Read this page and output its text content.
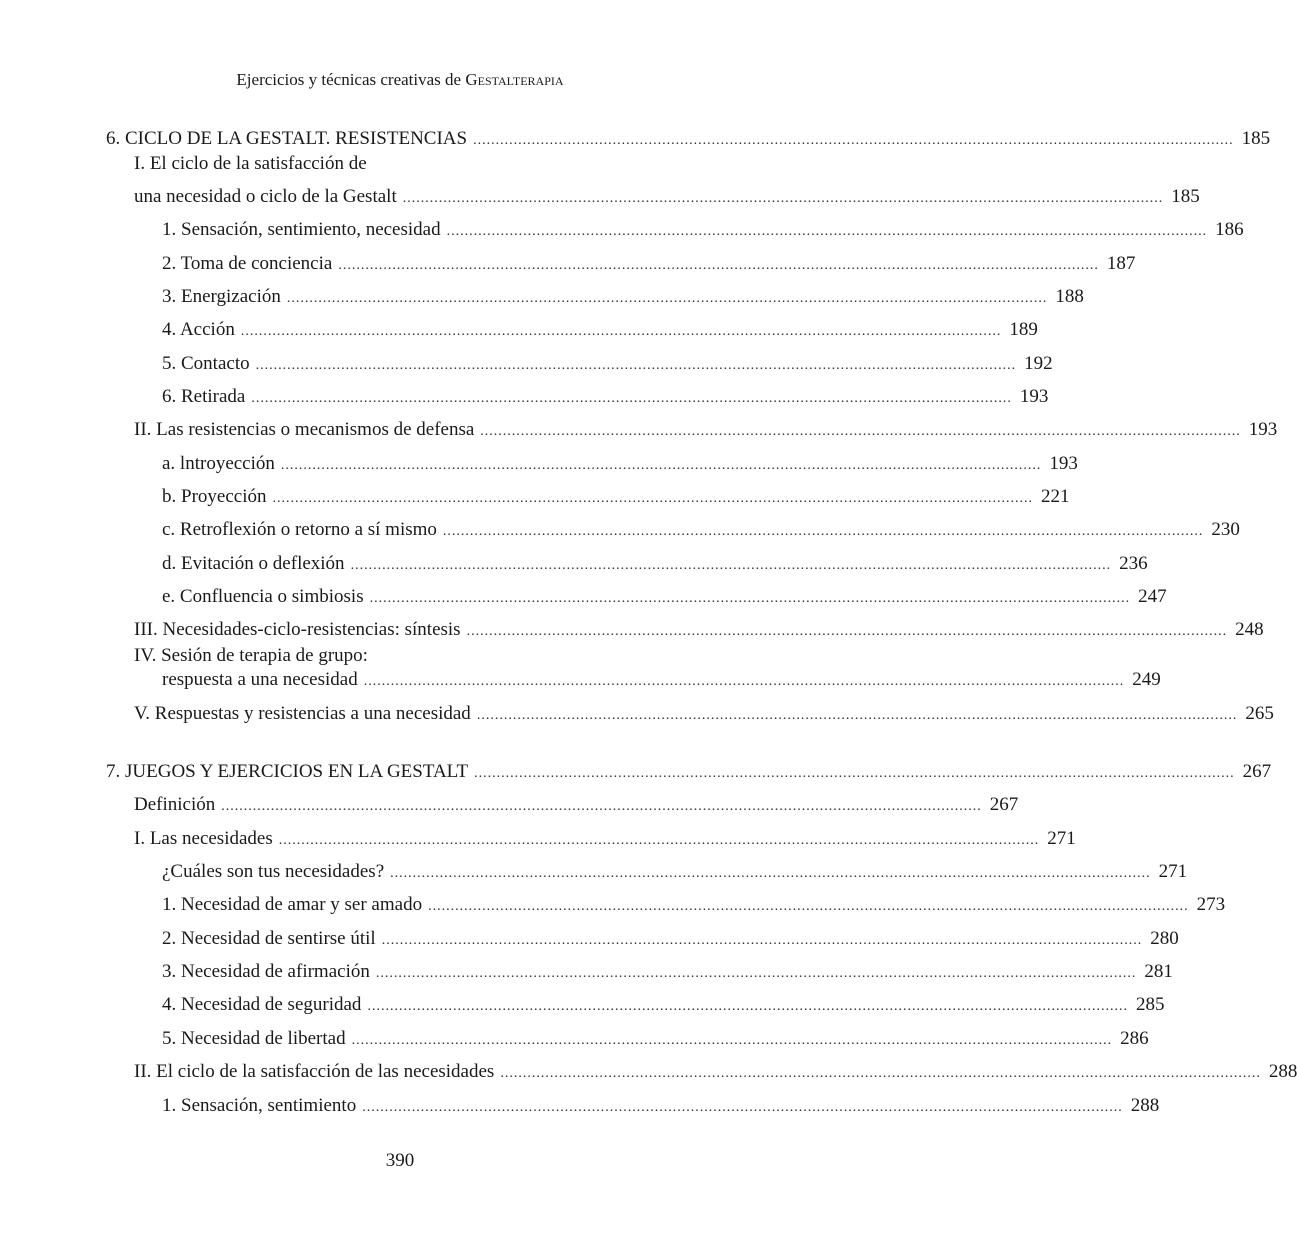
Ejercicios y técnicas creativas de Gestalterapia
6. CICLO DE LA GESTALT. RESISTENCIAS ......................................................................................................................................................................... 185
I. El ciclo de la satisfacción de
una necesidad o ciclo de la Gestalt ......................................................................................................................................................................... 185
1. Sensación, sentimiento, necesidad ......................................................................................................................................................................... 186
2. Toma de conciencia ......................................................................................................................................................................... 187
3. Energización ......................................................................................................................................................................... 188
4. Acción ......................................................................................................................................................................... 189
5. Contacto ......................................................................................................................................................................... 192
6. Retirada ......................................................................................................................................................................... 193
II. Las resistencias o mecanismos de defensa ......................................................................................................................................................................... 193
a. lntroyección ......................................................................................................................................................................... 193
b. Proyección ......................................................................................................................................................................... 221
c. Retroflexión o retorno a sí mismo ......................................................................................................................................................................... 230
d. Evitación o deflexión ......................................................................................................................................................................... 236
e. Confluencia o simbiosis ......................................................................................................................................................................... 247
III. Necesidades-ciclo-resistencias: síntesis ......................................................................................................................................................................... 248
IV. Sesión de terapia de grupo:
respuesta a una necesidad ......................................................................................................................................................................... 249
V. Respuestas y resistencias a una necesidad ......................................................................................................................................................................... 265
7. JUEGOS Y EJERCICIOS EN LA GESTALT ......................................................................................................................................................................... 267
Definición ......................................................................................................................................................................... 267
I. Las necesidades ......................................................................................................................................................................... 271
¿Cuáles son tus necesidades? ......................................................................................................................................................................... 271
1. Necesidad de amar y ser amado ......................................................................................................................................................................... 273
2. Necesidad de sentirse útil ......................................................................................................................................................................... 280
3. Necesidad de afirmación ......................................................................................................................................................................... 281
4. Necesidad de seguridad ......................................................................................................................................................................... 285
5. Necesidad de libertad ......................................................................................................................................................................... 286
II. El ciclo de la satisfacción de las necesidades ......................................................................................................................................................................... 288
1. Sensación, sentimiento ......................................................................................................................................................................... 288
390
